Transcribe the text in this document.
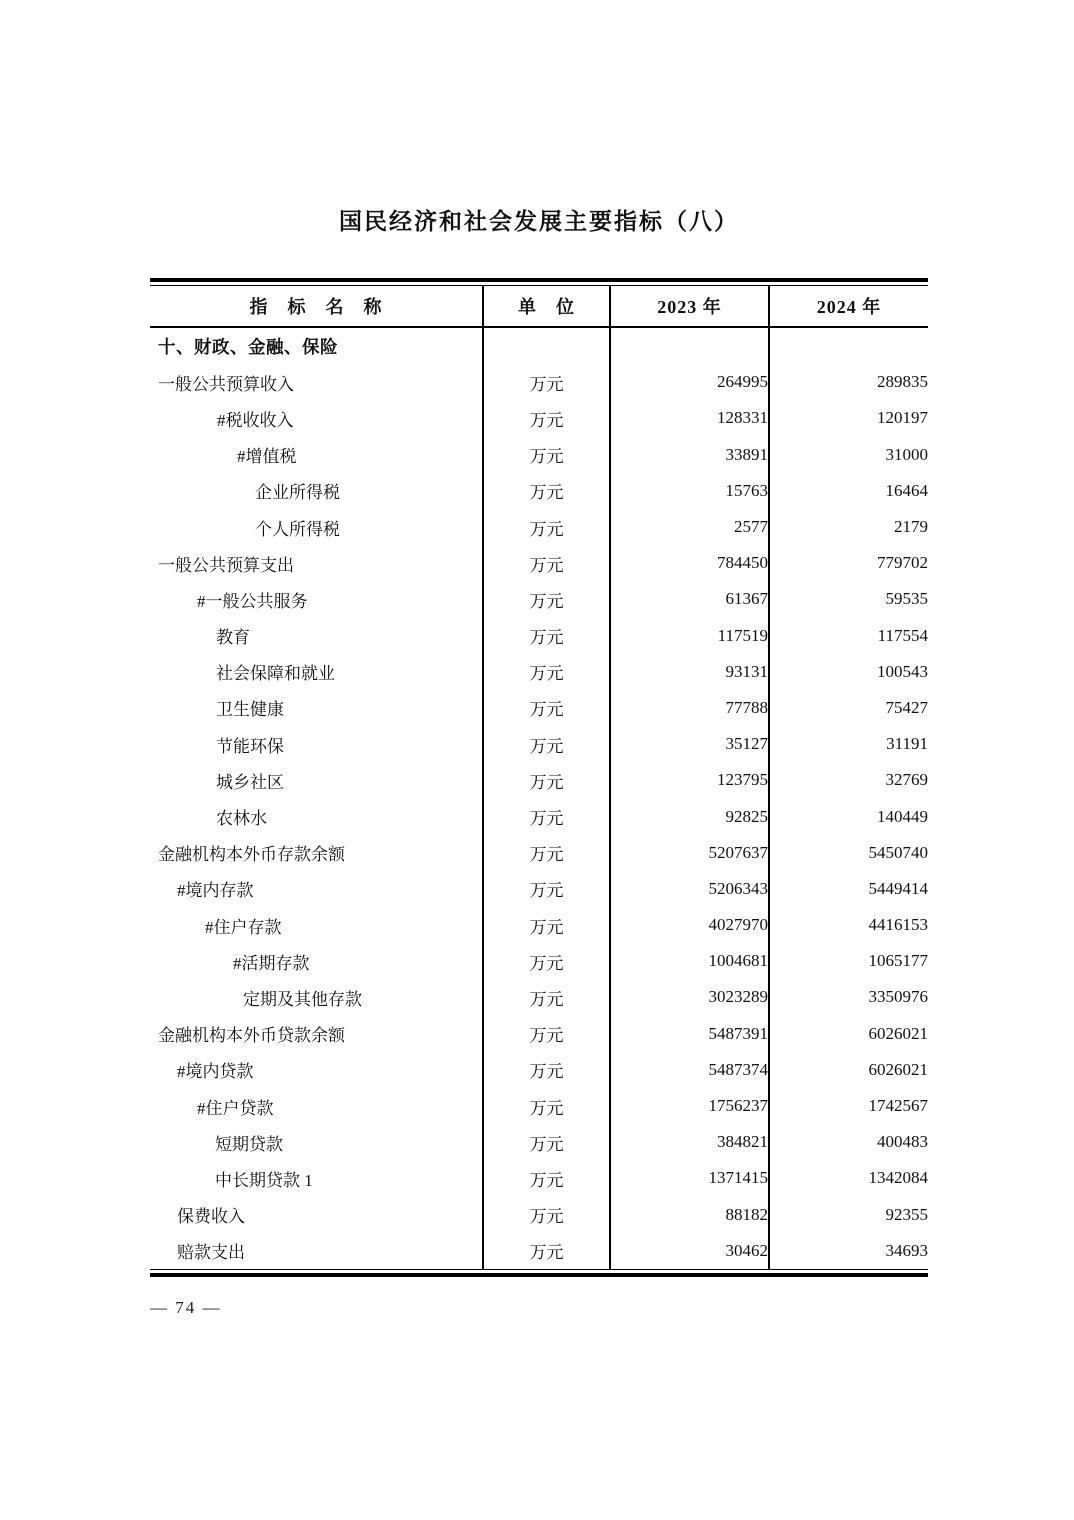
国民经济和社会发展主要指标（八）
指 标 名 称	单 位	2023 年	2024 年
十、财政、金融、保险			
一般公共预算收入	万元	264995	289835
#税收收入	万元	128331	120197
#增值税	万元	33891	31000
企业所得税	万元	15763	16464
个人所得税	万元	2577	2179
一般公共预算支出	万元	784450	779702
#一般公共服务	万元	61367	59535
教育	万元	117519	117554
社会保障和就业	万元	93131	100543
卫生健康	万元	77788	75427
节能环保	万元	35127	31191
城乡社区	万元	123795	32769
农林水	万元	92825	140449
金融机构本外币存款余额	万元	5207637	5450740
#境内存款	万元	5206343	5449414
#住户存款	万元	4027970	4416153
#活期存款	万元	1004681	1065177
定期及其他存款	万元	3023289	3350976
金融机构本外币贷款余额	万元	5487391	6026021
#境内贷款	万元	5487374	6026021
#住户贷款	万元	1756237	1742567
短期贷款	万元	384821	400483
中长期贷款 1	万元	1371415	1342084
保费收入	万元	88182	92355
赔款支出	万元	30462	34693
— 74 —
